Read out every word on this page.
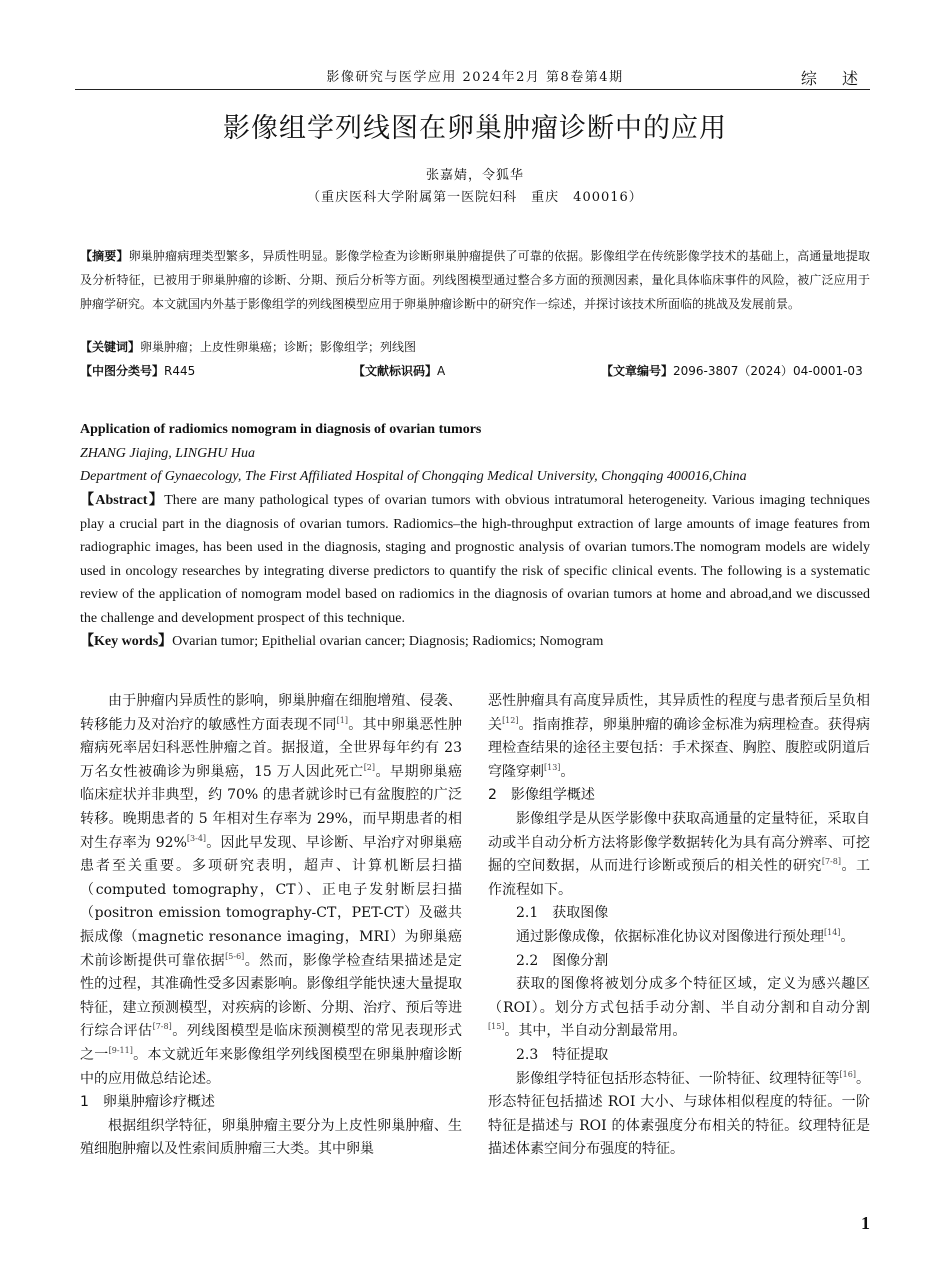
影像研究与医学应用 2024年2月 第8卷第4期	综 述
影像组学列线图在卵巢肿瘤诊断中的应用
张嘉婧，令狐华
（重庆医科大学附属第一医院妇科　重庆　400016）
【摘要】卵巢肿瘤病理类型繁多，异质性明显。影像学检查为诊断卵巢肿瘤提供了可靠的依据。影像组学在传统影像学技术的基础上，高通量地提取及分析特征，已被用于卵巢肿瘤的诊断、分期、预后分析等方面。列线图模型通过整合多方面的预测因素，量化具体临床事件的风险，被广泛应用于肿瘤学研究。本文就国内外基于影像组学的列线图模型应用于卵巢肿瘤诊断中的研究作一综述，并探讨该技术所面临的挑战及发展前景。
【关键词】卵巢肿瘤；上皮性卵巢癌；诊断；影像组学；列线图
【中图分类号】R445	【文献标识码】A	【文章编号】2096-3807（2024）04-0001-03
Application of radiomics nomogram in diagnosis of ovarian tumors
ZHANG Jiajing, LINGHU Hua
Department of Gynaecology, The First Affiliated Hospital of Chongqing Medical University, Chongqing 400016,China
【Abstract】There are many pathological types of ovarian tumors with obvious intratumoral heterogeneity. Various imaging techniques play a crucial part in the diagnosis of ovarian tumors. Radiomics–the high-throughput extraction of large amounts of image features from radiographic images, has been used in the diagnosis, staging and prognostic analysis of ovarian tumors.The nomogram models are widely used in oncology researches by integrating diverse predictors to quantify the risk of specific clinical events. The following is a systematic review of the application of nomogram model based on radiomics in the diagnosis of ovarian tumors at home and abroad,and we discussed the challenge and development prospect of this technique.
【Key words】Ovarian tumor; Epithelial ovarian cancer; Diagnosis; Radiomics; Nomogram

由于肿瘤内异质性的影响，卵巢肿瘤在细胞增殖、侵袭、转移能力及对治疗的敏感性方面表现不同[1]。其中卵巢恶性肿瘤病死率居妇科恶性肿瘤之首。据报道，全世界每年约有 23 万名女性被确诊为卵巢癌，15 万人因此死亡[2]。早期卵巢癌临床症状并非典型，约 70% 的患者就诊时已有盆腹腔的广泛转移。晚期患者的 5 年相对生存率为 29%，而早期患者的相对生存率为 92%[3-4]。因此早发现、早诊断、早治疗对卵巢癌患者至关重要。多项研究表明，超声、计算机断层扫描（computed tomography，CT）、正电子发射断层扫描（positron emission tomography-CT，PET-CT）及磁共振成像（magnetic resonance imaging，MRI）为卵巢癌术前诊断提供可靠依据[5-6]。然而，影像学检查结果描述是定性的过程，其准确性受多因素影响。影像组学能快速大量提取特征，建立预测模型，对疾病的诊断、分期、治疗、预后等进行综合评估[7-8]。列线图模型是临床预测模型的常见表现形式之一[9-11]。本文就近年来影像组学列线图模型在卵巢肿瘤诊断中的应用做总结论述。

1　卵巢肿瘤诊疗概述

根据组织学特征，卵巢肿瘤主要分为上皮性卵巢肿瘤、生殖细胞肿瘤以及性索间质肿瘤三大类。其中卵巢

恶性肿瘤具有高度异质性，其异质性的程度与患者预后呈负相关[12]。指南推荐，卵巢肿瘤的确诊金标准为病理检查。获得病理检查结果的途径主要包括：手术探查、胸腔、腹腔或阴道后穹隆穿刺[13]。

2　影像组学概述

影像组学是从医学影像中获取高通量的定量特征，采取自动或半自动分析方法将影像学数据转化为具有高分辨率、可挖掘的空间数据，从而进行诊断或预后的相关性的研究[7-8]。工作流程如下。

2.1　获取图像

通过影像成像，依据标准化协议对图像进行预处理[14]。

2.2　图像分割

获取的图像将被划分成多个特征区域，定义为感兴趣区（ROI）。划分方式包括手动分割、半自动分割和自动分割[15]。其中，半自动分割最常用。

2.3　特征提取

影像组学特征包括形态特征、一阶特征、纹理特征等[16]。形态特征包括描述 ROI 大小、与球体相似程度的特征。一阶特征是描述与 ROI 的体素强度分布相关的特征。纹理特征是描述体素空间分布强度的特征。

1
